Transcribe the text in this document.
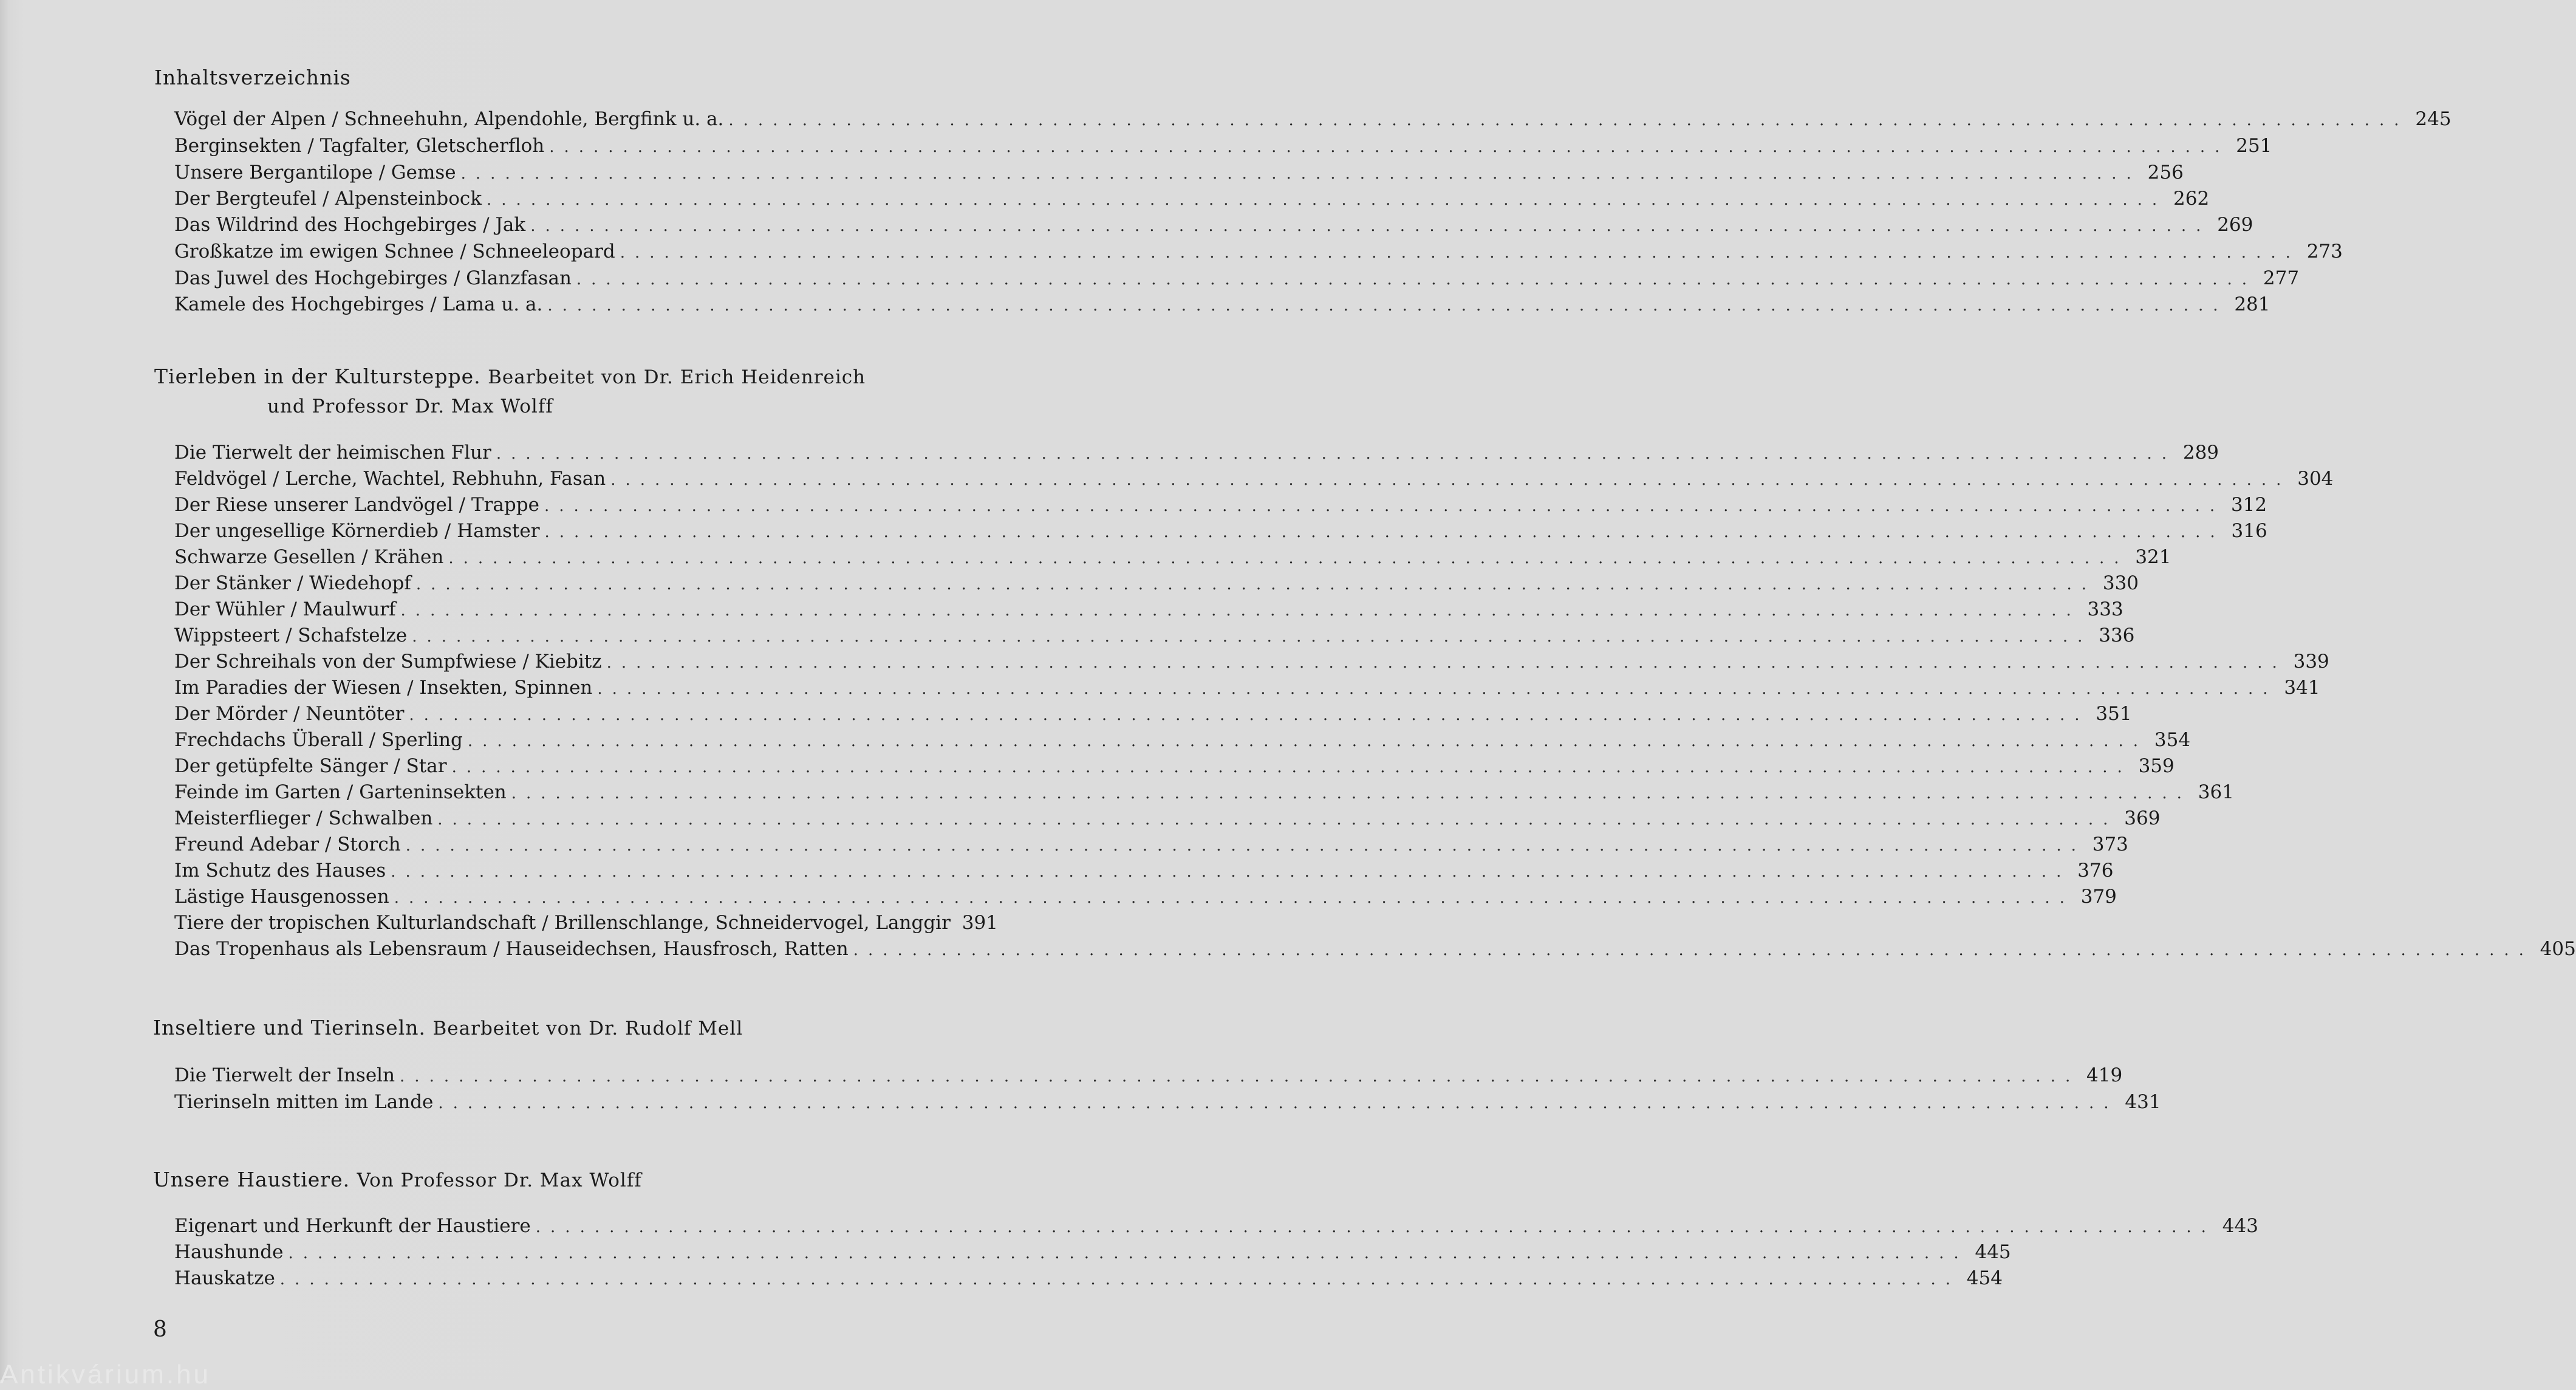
Inhaltsverzeichnis
Vögel der Alpen / Schneehuhn, Alpendohle, Bergfink u. a. .................................................................................................................. 245
Berginsekten / Tagfalter, Gletscherfloh .................................................................................................................. 251
Unsere Bergantilope / Gemse .................................................................................................................. 256
Der Bergteufel / Alpensteinbock .................................................................................................................. 262
Das Wildrind des Hochgebirges / Jak .................................................................................................................. 269
Großkatze im ewigen Schnee / Schneeleopard .................................................................................................................. 273
Das Juwel des Hochgebirges / Glanzfasan .................................................................................................................. 277
Kamele des Hochgebirges / Lama u. a. .................................................................................................................. 281
Tierleben in der Kultursteppe. Bearbeitet von Dr. Erich Heidenreich
und Professor Dr. Max Wolff
Die Tierwelt der heimischen Flur .................................................................................................................. 289
Feldvögel / Lerche, Wachtel, Rebhuhn, Fasan .................................................................................................................. 304
Der Riese unserer Landvögel / Trappe .................................................................................................................. 312
Der ungesellige Körnerdieb / Hamster .................................................................................................................. 316
Schwarze Gesellen / Krähen .................................................................................................................. 321
Der Stänker / Wiedehopf .................................................................................................................. 330
Der Wühler / Maulwurf .................................................................................................................. 333
Wippsteert / Schafstelze .................................................................................................................. 336
Der Schreihals von der Sumpfwiese / Kiebitz .................................................................................................................. 339
Im Paradies der Wiesen / Insekten, Spinnen .................................................................................................................. 341
Der Mörder / Neuntöter .................................................................................................................. 351
Frechdachs Überall / Sperling .................................................................................................................. 354
Der getüpfelte Sänger / Star .................................................................................................................. 359
Feinde im Garten / Garteninsekten .................................................................................................................. 361
Meisterflieger / Schwalben .................................................................................................................. 369
Freund Adebar / Storch .................................................................................................................. 373
Im Schutz des Hauses .................................................................................................................. 376
Lästige Hausgenossen .................................................................................................................. 379
Tiere der tropischen Kulturlandschaft / Brillenschlange, Schneidervogel, Langgir 391
Das Tropenhaus als Lebensraum / Hauseidechsen, Hausfrosch, Ratten .................................................................................................................. 405
Inseltiere und Tierinseln. Bearbeitet von Dr. Rudolf Mell
Die Tierwelt der Inseln .................................................................................................................. 419
Tierinseln mitten im Lande .................................................................................................................. 431
Unsere Haustiere. Von Professor Dr. Max Wolff
Eigenart und Herkunft der Haustiere .................................................................................................................. 443
Haushunde .................................................................................................................. 445
Hauskatze .................................................................................................................. 454
8
Antikvárium.hu
